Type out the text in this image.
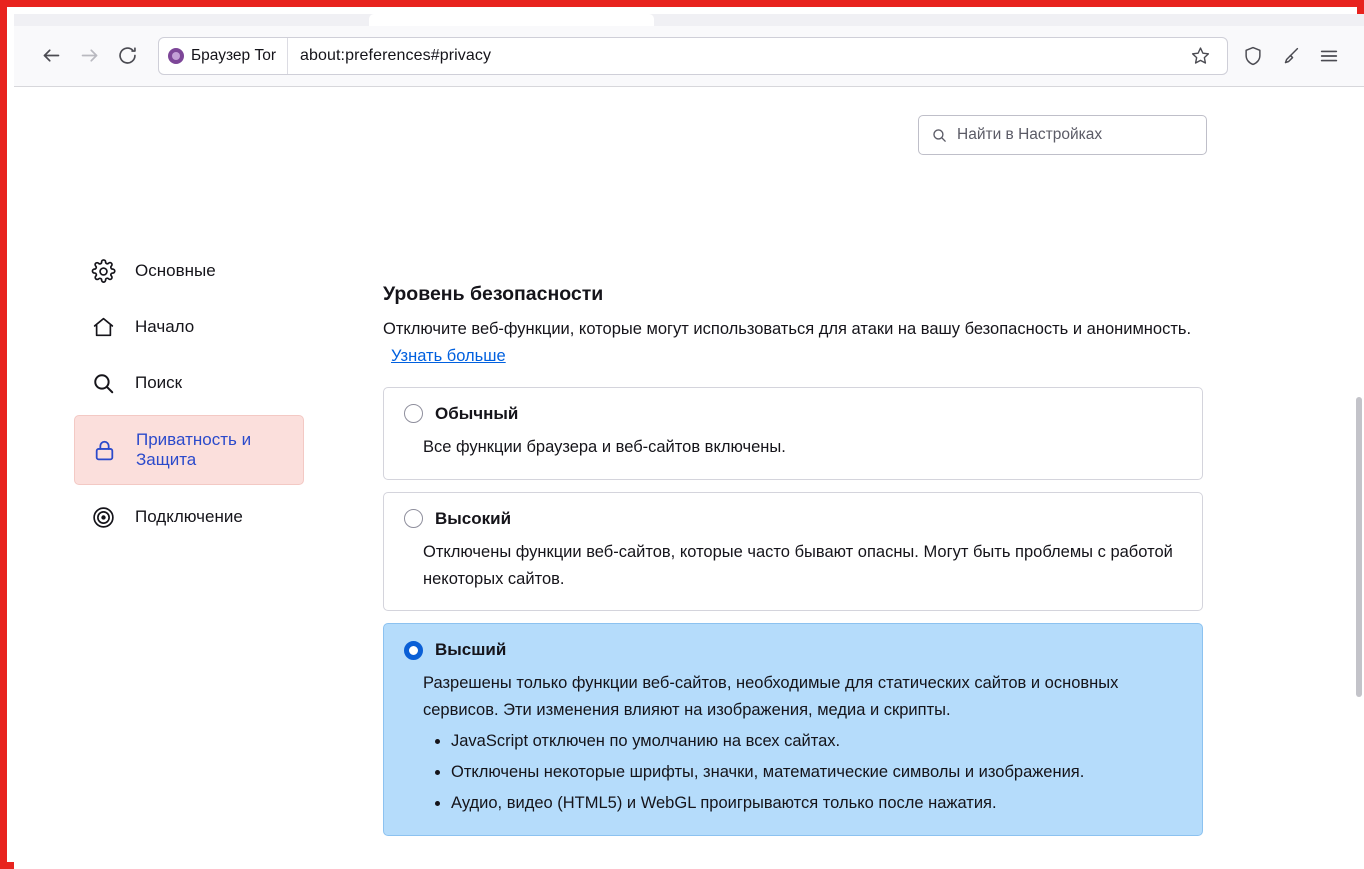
Браузер Tor	about:preferences#privacy
Найти в Настройках
Основные
Начало
Поиск
Приватность и Защита
Подключение
Уровень безопасности

Отключите веб-функции, которые могут использоваться для атаки на вашу безопасность и анонимность. Узнать больше

Обычный
Все функции браузера и веб-сайтов включены.
Высокий
Отключены функции веб-сайтов, которые часто бывают опасны. Могут быть проблемы с работой некоторых сайтов.
Высший
Разрешены только функции веб-сайтов, необходимые для статических сайтов и основных сервисов. Эти изменения влияют на изображения, медиа и скрипты.
• JavaScript отключен по умолчанию на всех сайтах.
• Отключены некоторые шрифты, значки, математические символы и изображения.
• Аудио, видео (HTML5) и WebGL проигрываются только после нажатия.
